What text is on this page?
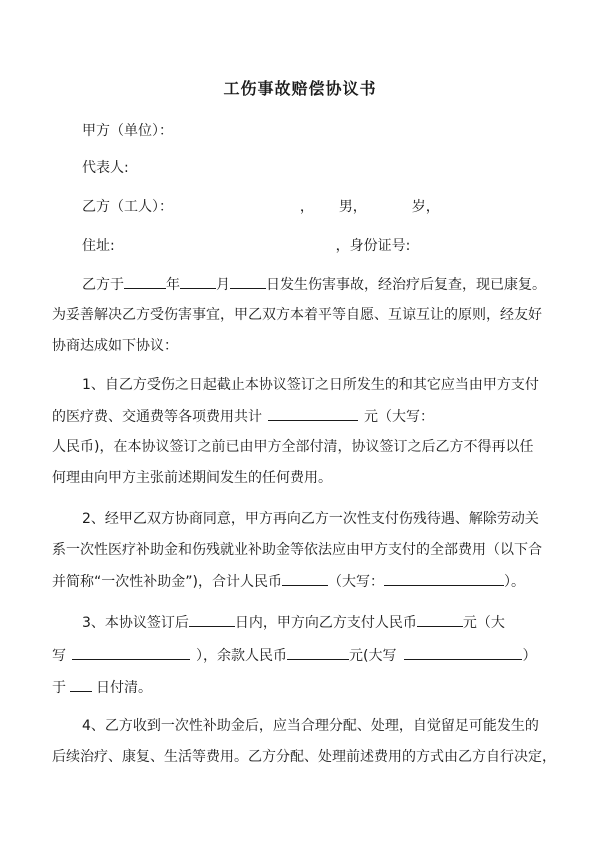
工伤事故赔偿协议书
甲方（单位）：
代表人:
乙方（工人）：	， 男，	岁，
住址:	，身份证号:
乙方于	年	月	日发生伤害事故，经治疗后复查，现已康复。
为妥善解决乙方受伤害事宜，甲乙双方本着平等自愿、互谅互让的原则，经友好
协商达成如下协议：
1、自乙方受伤之日起截止本协议签订之日所发生的和其它应当由甲方支付
的医疗费、交通费等各项费用共计	元（大写：
人民币)，在本协议签订之前已由甲方全部付清，协议签订之后乙方不得再以任
何理由向甲方主张前述期间发生的任何费用。
2、经甲乙双方协商同意，甲方再向乙方一次性支付伤残待遇、解除劳动关
系一次性医疗补助金和伤残就业补助金等依法应由甲方支付的全部费用（以下合
并简称“一次性补助金”)，合计人民币	（大写：	）。
3、本协议签订后	日内，甲方向乙方支付人民币	元（大
写	），余款人民币	元(大写	）
于 日付清。
4、乙方收到一次性补助金后，应当合理分配、处理，自觉留足可能发生的
后续治疗、康复、生活等费用。乙方分配、处理前述费用的方式由乙方自行决定，
